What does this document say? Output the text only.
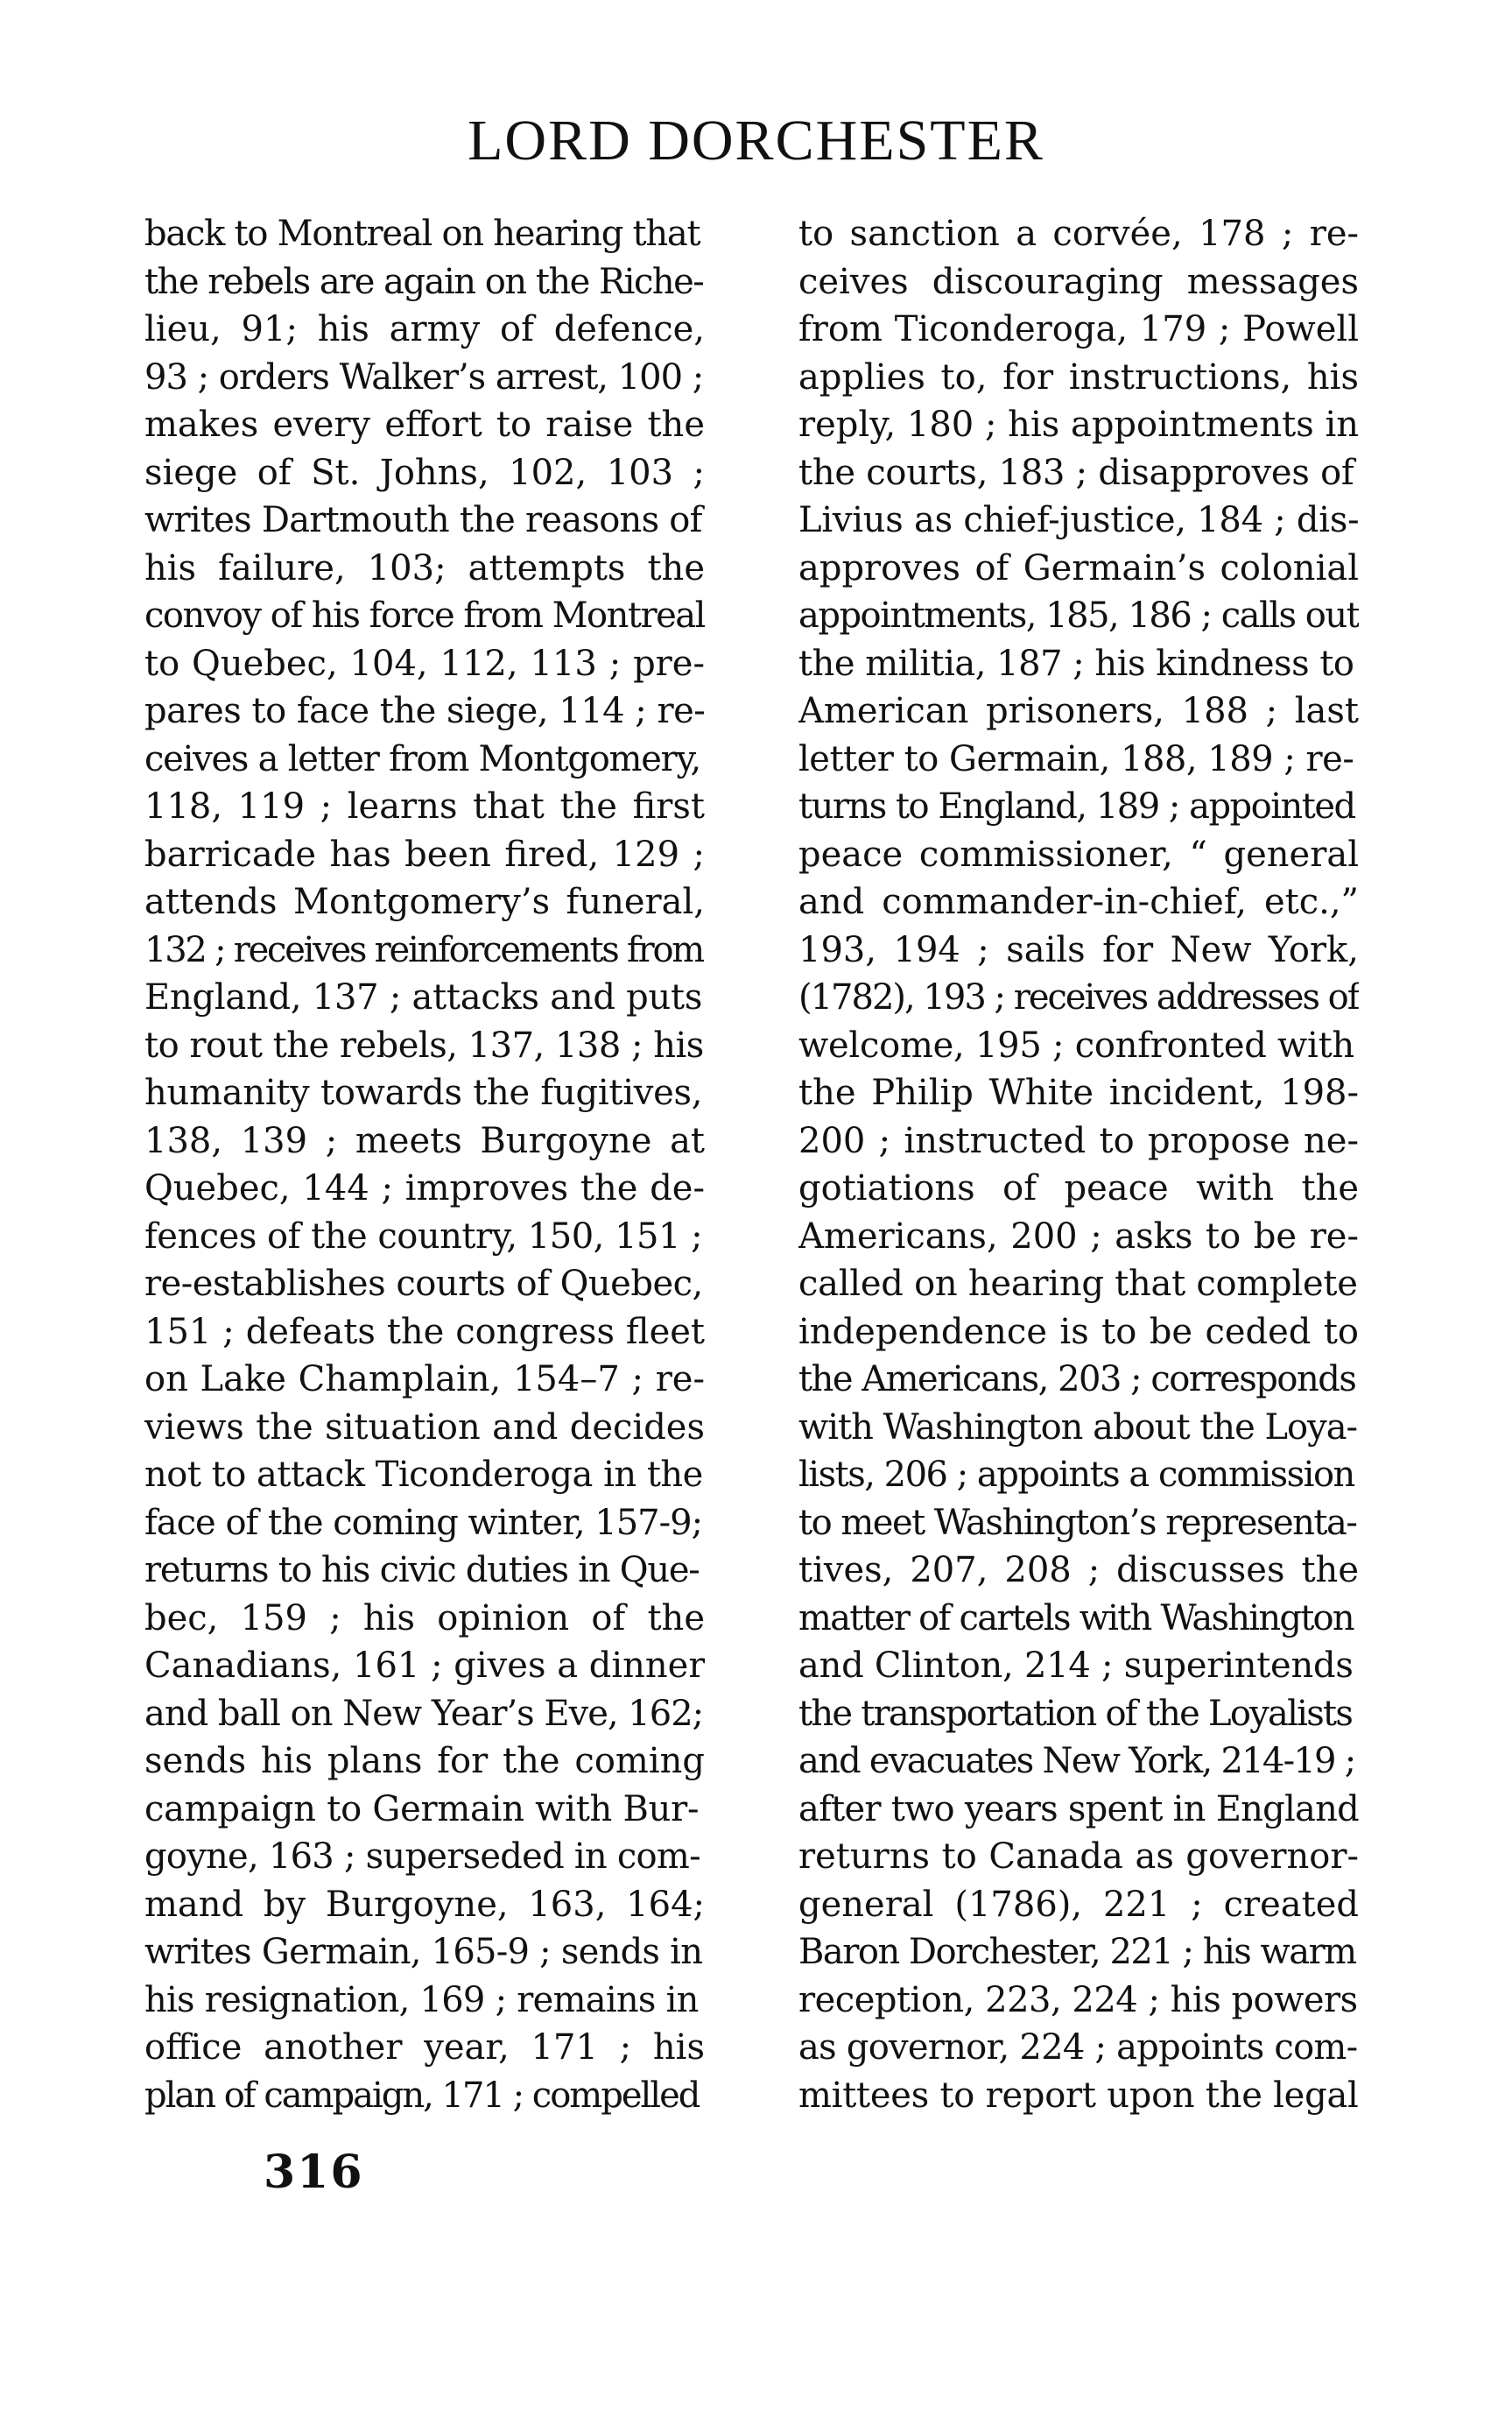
LORD DORCHESTER
back to Montreal on hearing that
the rebels are again on the Riche-
lieu, 91; his army of defence,
93 ; orders Walker’s arrest, 100 ;
makes every effort to raise the
siege of St. Johns, 102, 103 ;
writes Dartmouth the reasons of
his failure, 103; attempts the
convoy of his force from Montreal
to Quebec, 104, 112, 113 ; pre-
pares to face the siege, 114 ; re-
ceives a letter from Montgomery,
118, 119 ; learns that the first
barricade has been fired, 129 ;
attends Montgomery’s funeral,
132 ; receives reinforcements from
England, 137 ; attacks and puts
to rout the rebels, 137, 138 ; his
humanity towards the fugitives,
138, 139 ; meets Burgoyne at
Quebec, 144 ; improves the de-
fences of the country, 150, 151 ;
re-establishes courts of Quebec,
151 ; defeats the congress fleet
on Lake Champlain, 154–7 ; re-
views the situation and decides
not to attack Ticonderoga in the
face of the coming winter, 157-9;
returns to his civic duties in Que-
bec, 159 ; his opinion of the
Canadians, 161 ; gives a dinner
and ball on New Year’s Eve, 162;
sends his plans for the coming
campaign to Germain with Bur-
goyne, 163 ; superseded in com-
mand by Burgoyne, 163, 164;
writes Germain, 165-9 ; sends in
his resignation, 169 ; remains in
office another year, 171 ; his
plan of campaign, 171 ; compelled
to sanction a corvée, 178 ; re-
ceives discouraging messages
from Ticonderoga, 179 ; Powell
applies to, for instructions, his
reply, 180 ; his appointments in
the courts, 183 ; disapproves of
Livius as chief-justice, 184 ; dis-
approves of Germain’s colonial
appointments, 185, 186 ; calls out
the militia, 187 ; his kindness to
American prisoners, 188 ; last
letter to Germain, 188, 189 ; re-
turns to England, 189 ; appointed
peace commissioner, “ general
and commander-in-chief, etc.,”
193, 194 ; sails for New York,
(1782), 193 ; receives addresses of
welcome, 195 ; confronted with
the Philip White incident, 198-
200 ; instructed to propose ne-
gotiations of peace with the
Americans, 200 ; asks to be re-
called on hearing that complete
independence is to be ceded to
the Americans, 203 ; corresponds
with Washington about the Loya-
lists, 206 ; appoints a commission
to meet Washington’s representa-
tives, 207, 208 ; discusses the
matter of cartels with Washington
and Clinton, 214 ; superintends
the transportation of the Loyalists
and evacuates New York, 214-19 ;
after two years spent in England
returns to Canada as governor-
general (1786), 221 ; created
Baron Dorchester, 221 ; his warm
reception, 223, 224 ; his powers
as governor, 224 ; appoints com-
mittees to report upon the legal
316
